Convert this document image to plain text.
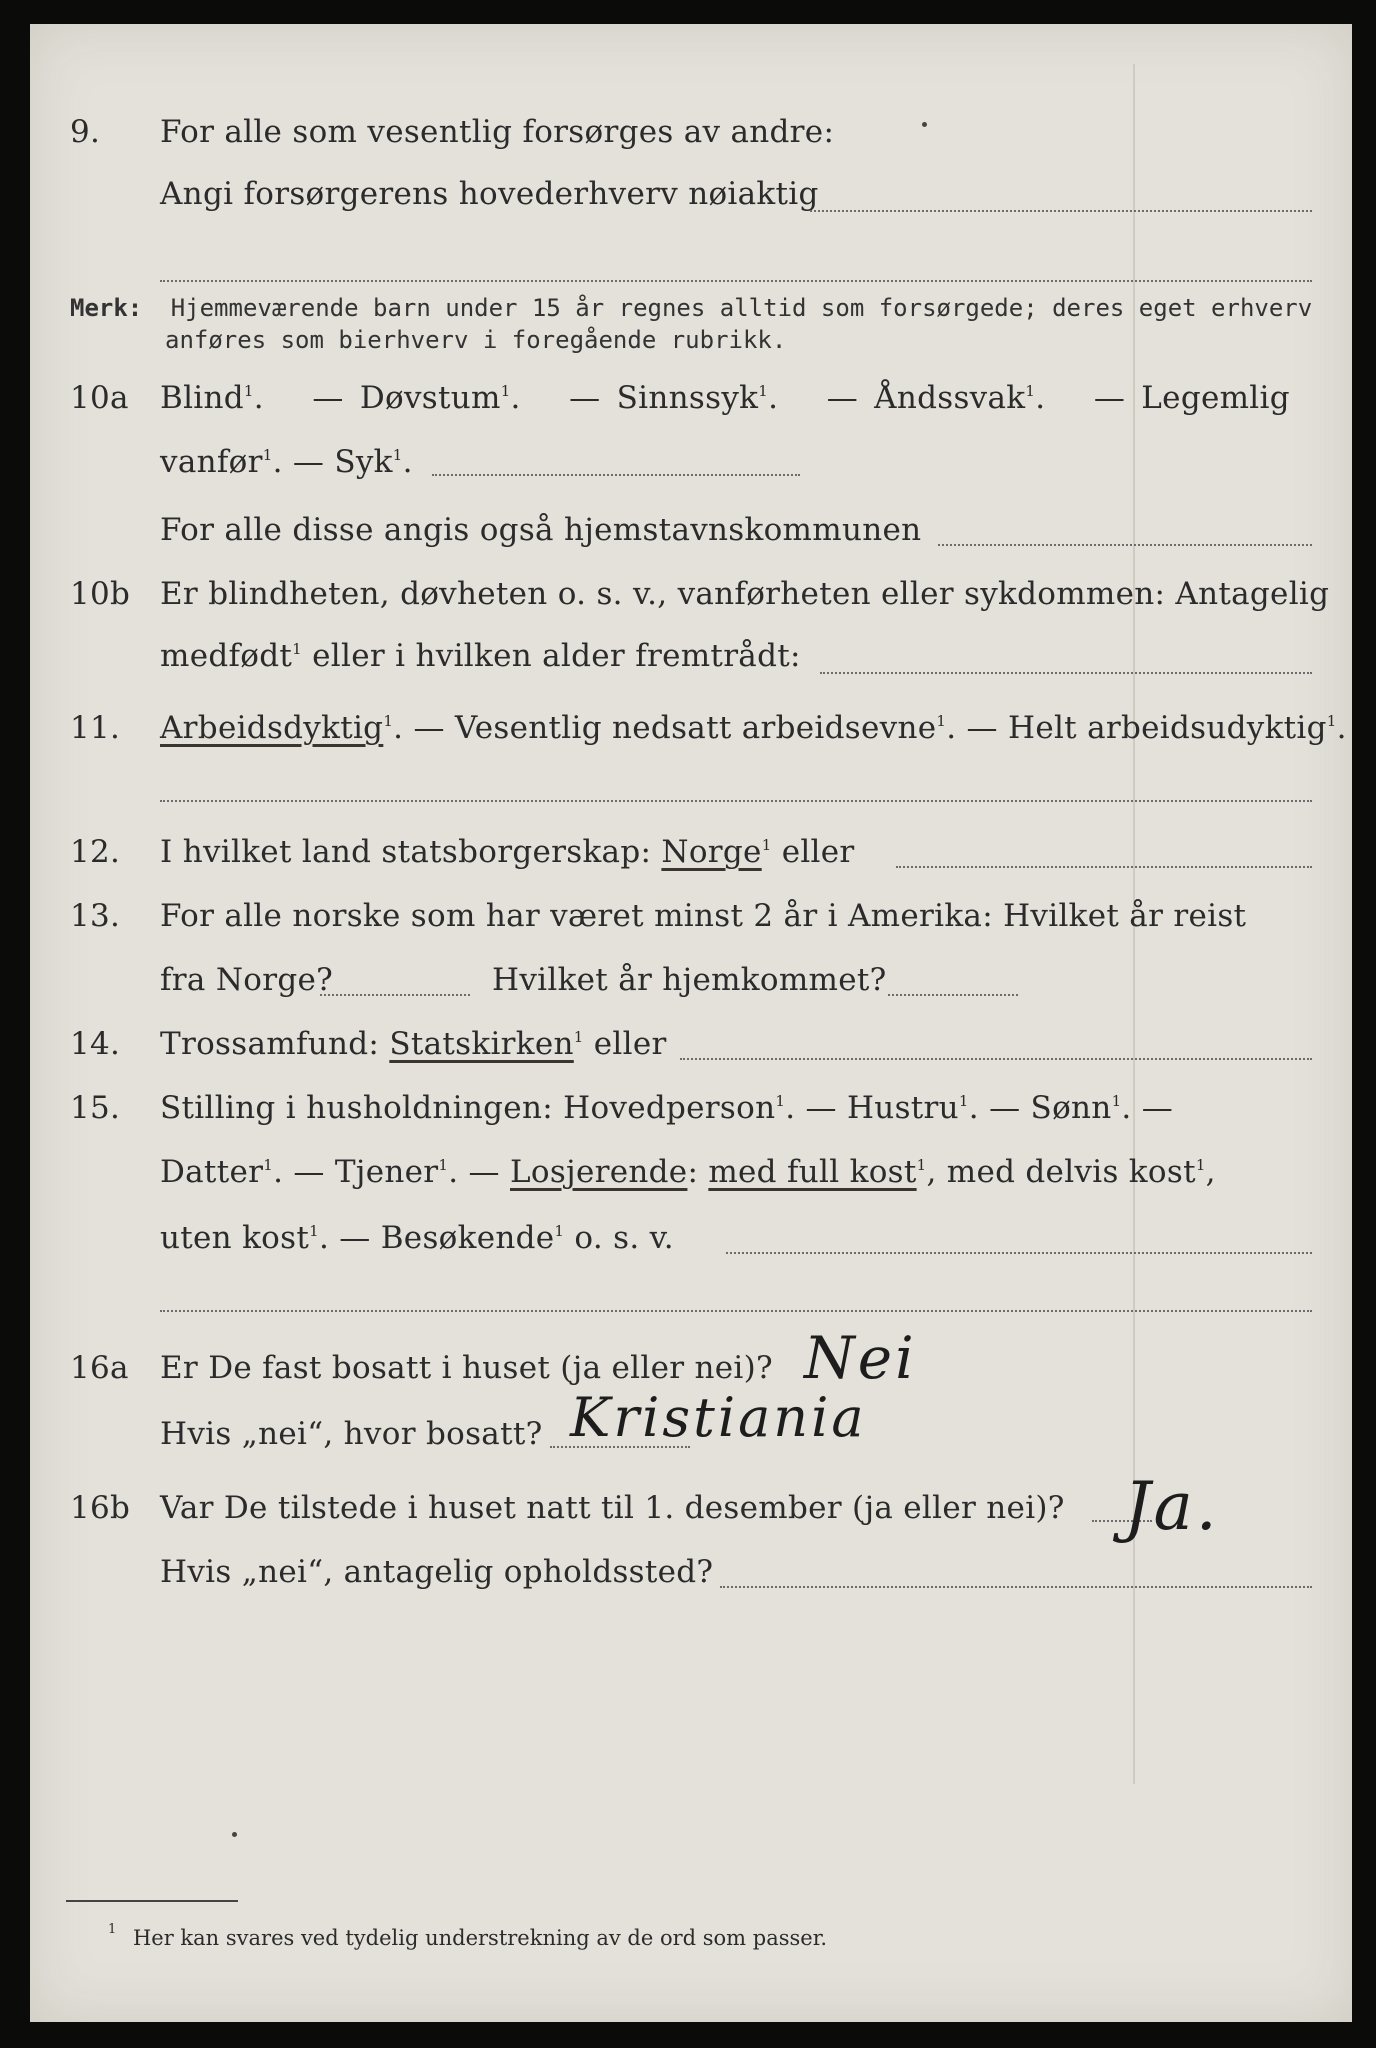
9. For alle som vesentlig forsørges av andre:
Angi forsørgerens hovederhverv nøiaktig
Merk: Hjemmeværende barn under 15 år regnes alltid som forsørgede; deres eget erhverv
anføres som bierhverv i foregående rubrikk.
10a Blind$^1$.   — Døvstum$^1$.   — Sinnssyk$^1$.   — Åndssvak$^1$.   — Legemlig
vanfør$^1$. — Syk$^1$.
For alle disse angis også hjemstavnskommunen
10b Er blindheten, døvheten o. s. v., vanførheten eller sykdommen: Antagelig
medfødt$^1$ eller i hvilken alder fremtrådt:
11. Arbeidsdyktig$^1$. — Vesentlig nedsatt arbeidsevne$^1$. — Helt arbeidsudyktig$^1$.
12. I hvilket land statsborgerskap: Norge$^1$ eller
13. For alle norske som har været minst 2 år i Amerika: Hvilket år reist
fra Norge?	Hvilket år hjemkommet?
14. Trossamfund: Statskirken$^1$ eller
15. Stilling i husholdningen: Hovedperson$^1$. — Hustru$^1$. — Sønn$^1$. —
Datter$^1$. — Tjener$^1$. — Losjerende: med full kost$^1$, med delvis kost$^1$,
uten kost$^1$. — Besøkende$^1$ o. s. v.
16a Er De fast bosatt i huset (ja eller nei)? Nei
Hvis „nei“, hvor bosatt? Kristiania
16b Var De tilstede i huset natt til 1. desember (ja eller nei)? Ja.
Hvis „nei“, antagelig opholdssted?
$^1$ Her kan svares ved tydelig understrekning av de ord som passer.
